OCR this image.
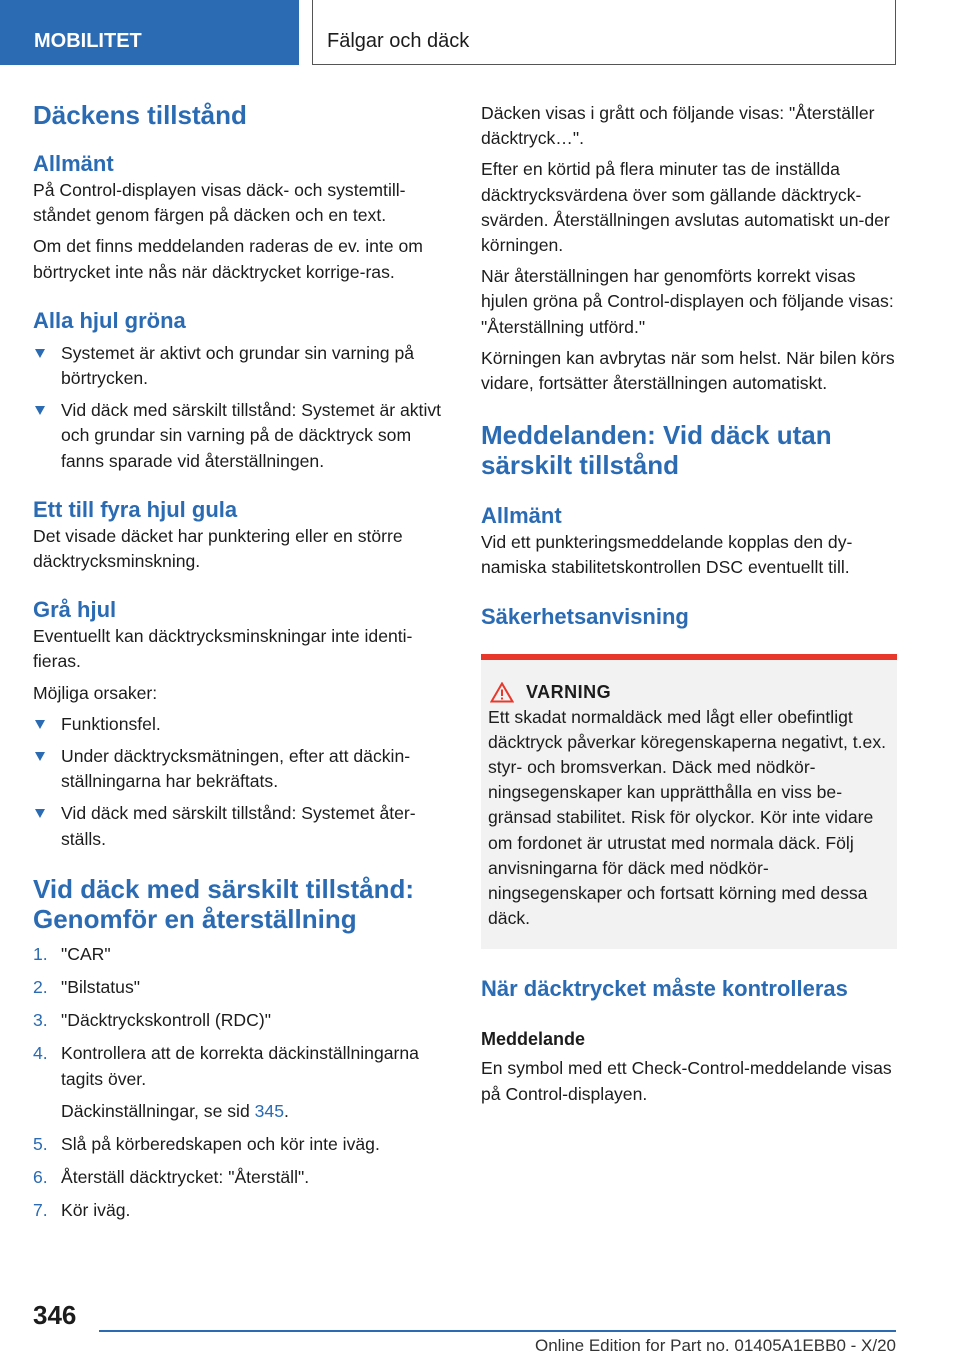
MOBILITET	Fälgar och däck
Däckens tillstånd
Allmänt

På Control-displayen visas däck- och systemtill-ståndet genom färgen på däcken och en text.

Om det finns meddelanden raderas de ev. inte om börtrycket inte nås när däcktrycket korrige-ras.

Alla hjul gröna
Systemet är aktivt och grundar sin varning på börtrycken.
Vid däck med särskilt tillstånd: Systemet är aktivt och grundar sin varning på de däcktryck som fanns sparade vid återställningen.
Ett till fyra hjul gula

Det visade däcket har punktering eller en större däcktrycksminskning.

Grå hjul

Eventuellt kan däcktrycksminskningar inte identi-fieras.

Möjliga orsaker:

Funktionsfel.
Under däcktrycksmätningen, efter att däckin-ställningarna har bekräftats.
Vid däck med särskilt tillstånd: Systemet åter-ställs.
Vid däck med särskilt tillstånd: Genomför en återställning
1. "CAR"
2. "Bilstatus"
3. "Däcktryckskontroll (RDC)"
4. Kontrollera att de korrekta däckinställningarna tagits över.
Däckinställningar, se sid 345.
5. Slå på körberedskapen och kör inte iväg.
6. Återställ däcktrycket: "Återställ".
7. Kör iväg.

Däcken visas i grått och följande visas: "Återställer däcktryck…".

Efter en körtid på flera minuter tas de inställda däcktrycksvärdena över som gällande däcktryck-svärden. Återställningen avslutas automatiskt un-der körningen.

När återställningen har genomförts korrekt visas hjulen gröna på Control-displayen och följande visas: "Återställning utförd."

Körningen kan avbrytas när som helst. När bilen körs vidare, fortsätter återställningen automatiskt.

Meddelanden: Vid däck utan särskilt tillstånd
Allmänt

Vid ett punkteringsmeddelande kopplas den dy-namiska stabilitetskontrollen DSC eventuellt till.

Säkerhetsanvisning
VARNING

Ett skadat normaldäck med lågt eller obefintligt däcktryck påverkar köregenskaperna negativt, t.ex. styr- och bromsverkan. Däck med nödkör-ningsegenskaper kan upprätthålla en viss be-gränsad stabilitet. Risk för olyckor. Kör inte vidare om fordonet är utrustat med normala däck. Följ anvisningarna för däck med nödkör-ningsegenskaper och fortsatt körning med dessa däck.

När däcktrycket måste kontrolleras
Meddelande

En symbol med ett Check-Control-meddelande visas på Control-displayen.

346
Online Edition for Part no. 01405A1EBB0 - X/20
